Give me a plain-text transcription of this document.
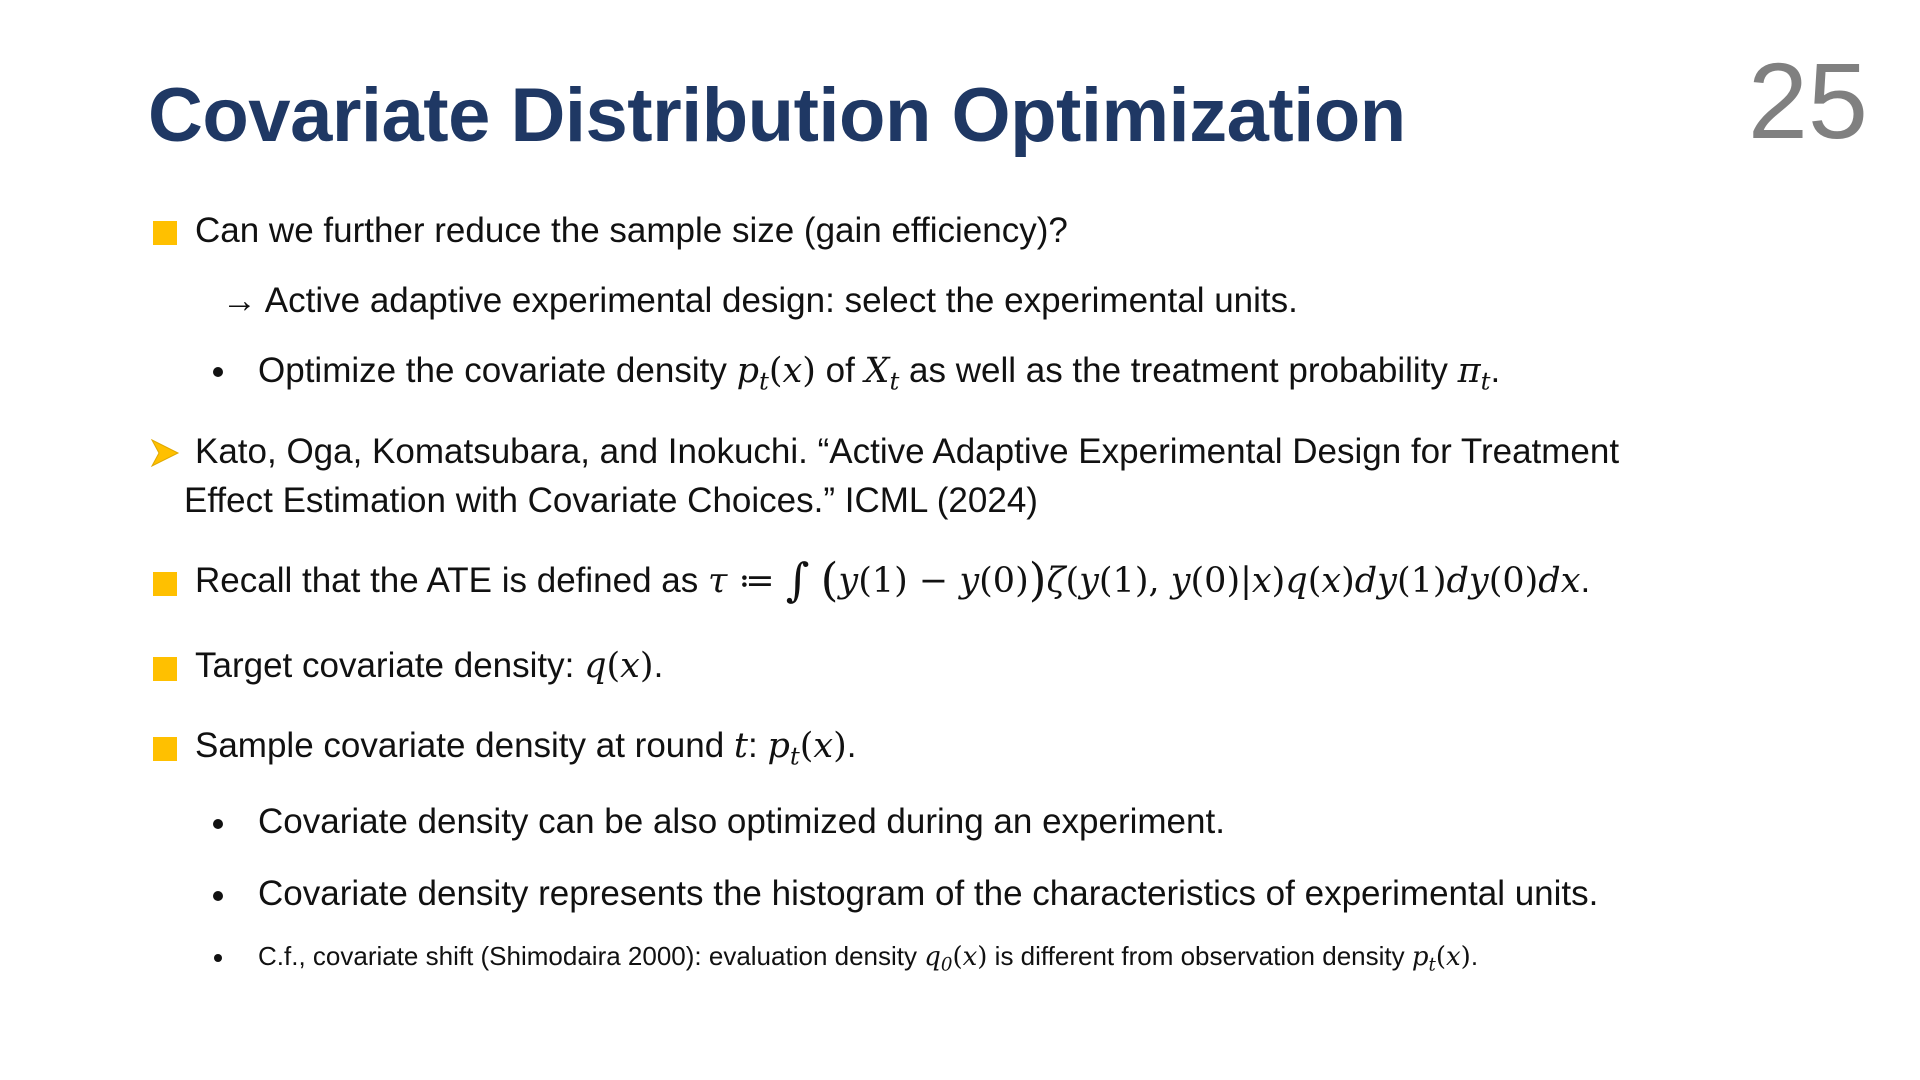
Covariate Distribution Optimization	25
Can we further reduce the sample size (gain efficiency)?
→ Active adaptive experimental design: select the experimental units.
Optimize the covariate density $p_t(x)$ of $X_t$ as well as the treatment probability $\pi_t$.
Kato, Oga, Komatsubara, and Inokuchi. “Active Adaptive Experimental Design for Treatment
Effect Estimation with Covariate Choices.” ICML (2024)
Recall that the ATE is defined as τ ≔ ∫ (y(1) − y(0))ζ(y(1), y(0)|x)q(x)dy(1)dy(0)dx.
Target covariate density: q(x).
Sample covariate density at round t: $p_t(x)$.
Covariate density can be also optimized during an experiment.
Covariate density represents the histogram of the characteristics of experimental units.
C.f., covariate shift (Shimodaira 2000): evaluation density $q_0(x)$ is different from observation density $p_t(x)$.
